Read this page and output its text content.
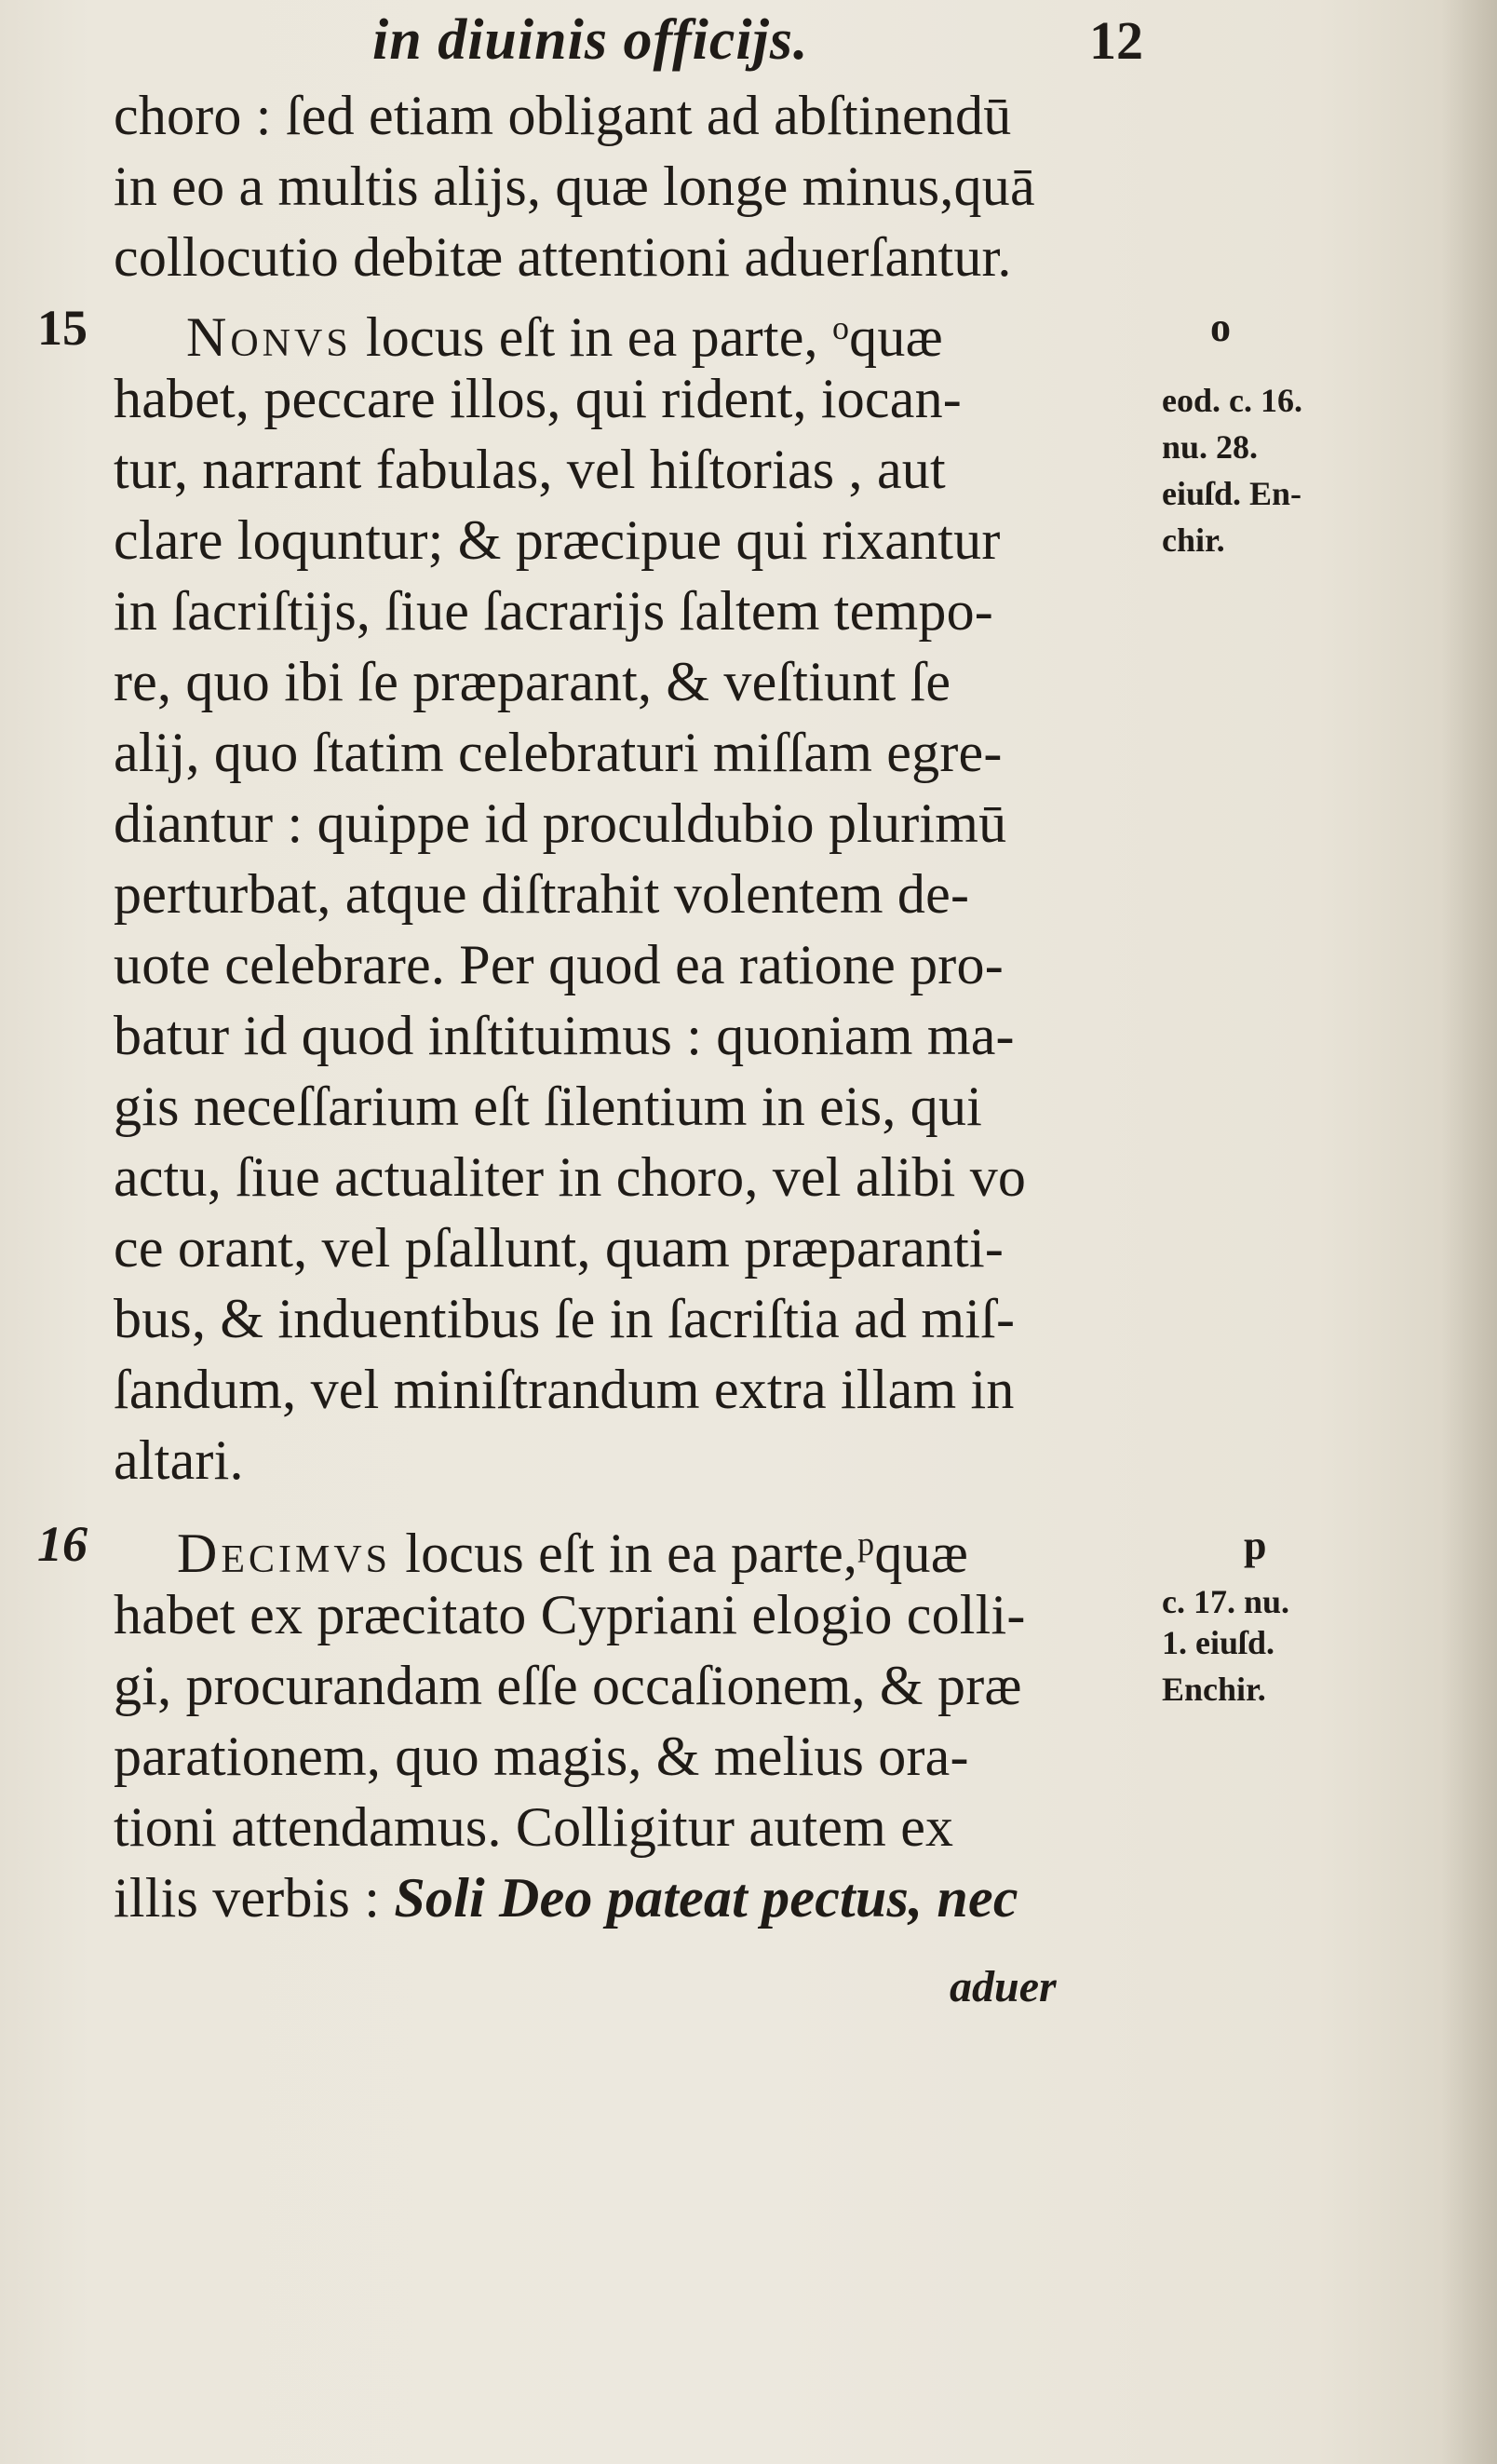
in diuinis officijs.	12
choro : ſed etiam obligant ad abſtinendū
in eo a multis alijs, quæ longe minus,quā
collocutio debitæ attentioni aduerſantur.
15 Nonvs locus eſt in ea parte, $^o$quæ
habet, peccare illos, qui rident, iocan-
tur, narrant fabulas, vel hiſtorias , aut
clare loquntur; & præcipue qui rixantur
in ſacriſtijs, ſiue ſacrarijs ſaltem tempo-
re, quo ibi ſe præparant, & veſtiunt ſe
alij, quo ſtatim celebraturi miſſam egre-
diantur : quippe id proculdubio plurimū
perturbat, atque diſtrahit volentem de-
uote celebrare. Per quod ea ratione pro-
batur id quod inſtituimus : quoniam ma-
gis neceſſarium eſt ſilentium in eis, qui
actu, ſiue actualiter in choro, vel alibi vo
ce orant, vel pſallunt, quam præparanti-
bus, & induentibus ſe in ſacriſtia ad miſ-
ſandum, vel miniſtrandum extra illam in
altari.
o
eod. c. 16.
nu. 28.
eiuſd. En-
chir.
16 Decimvs locus eſt in ea parte,$^p$quæ
habet ex præcitato Cypriani elogio colli-
gi, procurandam eſſe occaſionem, & præ
parationem, quo magis, & melius ora-
tioni attendamus. Colligitur autem ex
illis verbis : Soli Deo pateat pectus, nec
p
c. 17. nu.
1. eiuſd.
Enchir.
aduer
